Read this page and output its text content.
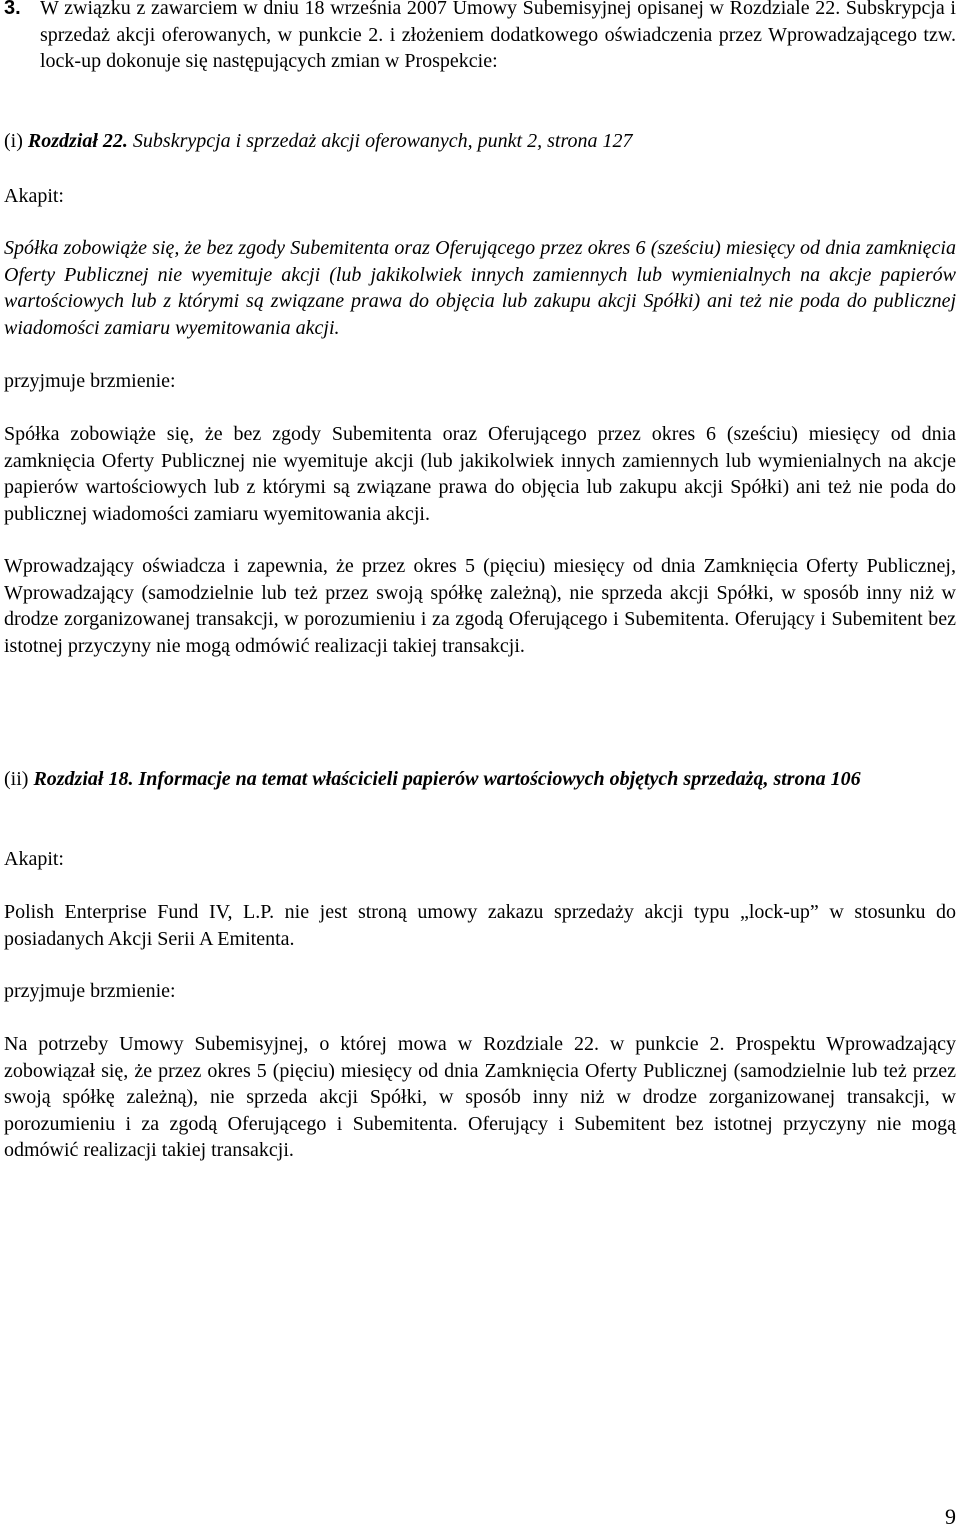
3. W związku z zawarciem w dniu 18 września 2007 Umowy Subemisyjnej opisanej w Rozdziale 22. Subskrypcja i sprzedaż akcji oferowanych, w punkcie 2. i złożeniem dodatkowego oświadczenia przez Wprowadzającego tzw. lock-up dokonuje się następujących zmian w Prospekcie:
(i) Rozdział 22. Subskrypcja i sprzedaż akcji oferowanych, punkt 2, strona 127
Akapit:
Spółka zobowiąże się, że bez zgody Subemitenta oraz Oferującego przez okres 6 (sześciu) miesięcy od dnia zamknięcia Oferty Publicznej nie wyemituje akcji (lub jakikolwiek innych zamiennych lub wymienialnych na akcje papierów wartościowych lub z którymi są związane prawa do objęcia lub zakupu akcji Spółki) ani też nie poda do publicznej wiadomości zamiaru wyemitowania akcji.
przyjmuje brzmienie:
Spółka zobowiąże się, że bez zgody Subemitenta oraz Oferującego przez okres 6 (sześciu) miesięcy od dnia zamknięcia Oferty Publicznej nie wyemituje akcji (lub jakikolwiek innych zamiennych lub wymienialnych na akcje papierów wartościowych lub z którymi są związane prawa do objęcia lub zakupu akcji Spółki) ani też nie poda do publicznej wiadomości zamiaru wyemitowania akcji.
Wprowadzający oświadcza i zapewnia, że przez okres 5 (pięciu) miesięcy od dnia Zamknięcia Oferty Publicznej, Wprowadzający (samodzielnie lub też przez swoją spółkę zależną), nie sprzeda akcji Spółki, w sposób inny niż w drodze zorganizowanej transakcji, w porozumieniu i za zgodą Oferującego i Subemitenta. Oferujący i Subemitent bez istotnej przyczyny nie mogą odmówić realizacji takiej transakcji.
(ii) Rozdział 18. Informacje na temat właścicieli papierów wartościowych objętych sprzedażą, strona 106
Akapit:
Polish Enterprise Fund IV, L.P. nie jest stroną umowy zakazu sprzedaży akcji typu „lock-up” w stosunku do posiadanych Akcji Serii A Emitenta.
przyjmuje brzmienie:
Na potrzeby Umowy Subemisyjnej, o której mowa w Rozdziale 22. w punkcie 2. Prospektu Wprowadzający zobowiązał się, że przez okres 5 (pięciu) miesięcy od dnia Zamknięcia Oferty Publicznej (samodzielnie lub też przez swoją spółkę zależną), nie sprzeda akcji Spółki, w sposób inny niż w drodze zorganizowanej transakcji, w porozumieniu i za zgodą Oferującego i Subemitenta. Oferujący i Subemitent bez istotnej przyczyny nie mogą odmówić realizacji takiej transakcji.
9
